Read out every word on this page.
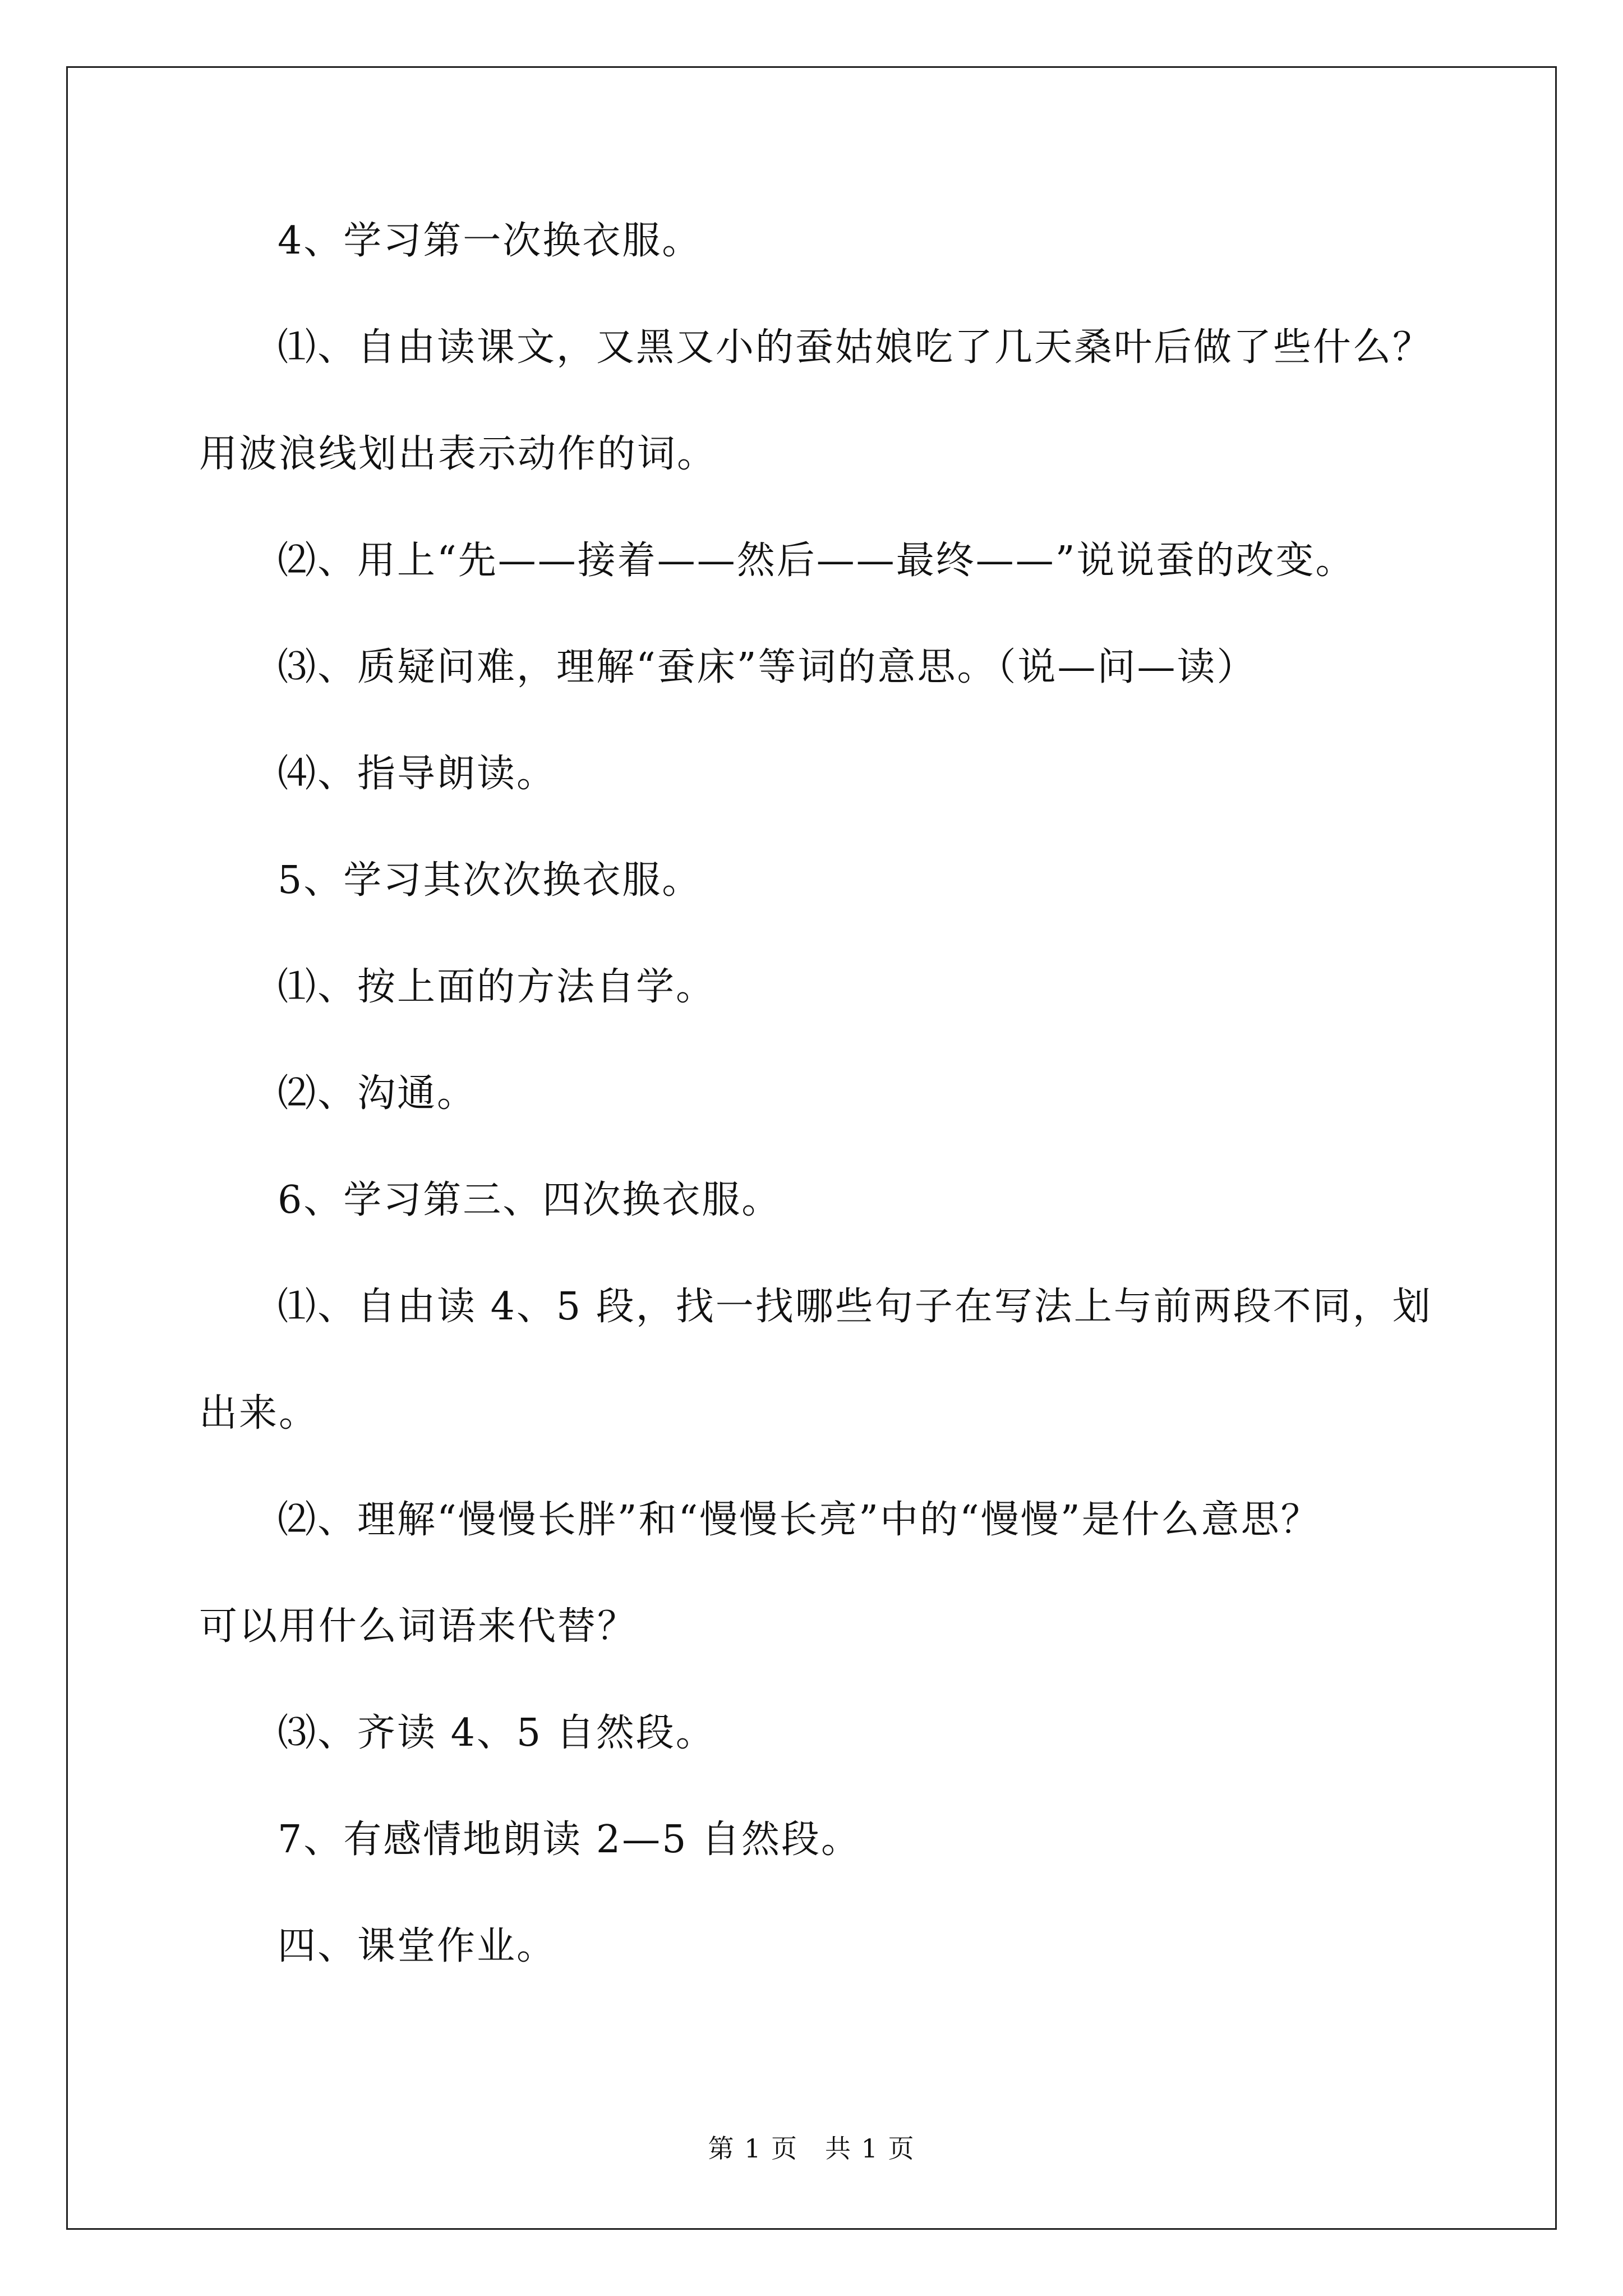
4、学习第一次换衣服。
⑴、自由读课文，又黑又小的蚕姑娘吃了几天桑叶后做了些什么？
用波浪线划出表示动作的词。
⑵、用上“先——接着——然后——最终——”说说蚕的改变。
⑶、质疑问难，理解“蚕床”等词的意思。（说—问—读）
⑷、指导朗读。
5、学习其次次换衣服。
⑴、按上面的方法自学。
⑵、沟通。
6、学习第三、四次换衣服。
⑴、自由读 4、5 段，找一找哪些句子在写法上与前两段不同，划
出来。
⑵、理解“慢慢长胖”和“慢慢长亮”中的“慢慢”是什么意思？
可以用什么词语来代替？
⑶、齐读 4、5 自然段。
7、有感情地朗读 2—5 自然段。
四、课堂作业。
第 1 页　共 1 页
